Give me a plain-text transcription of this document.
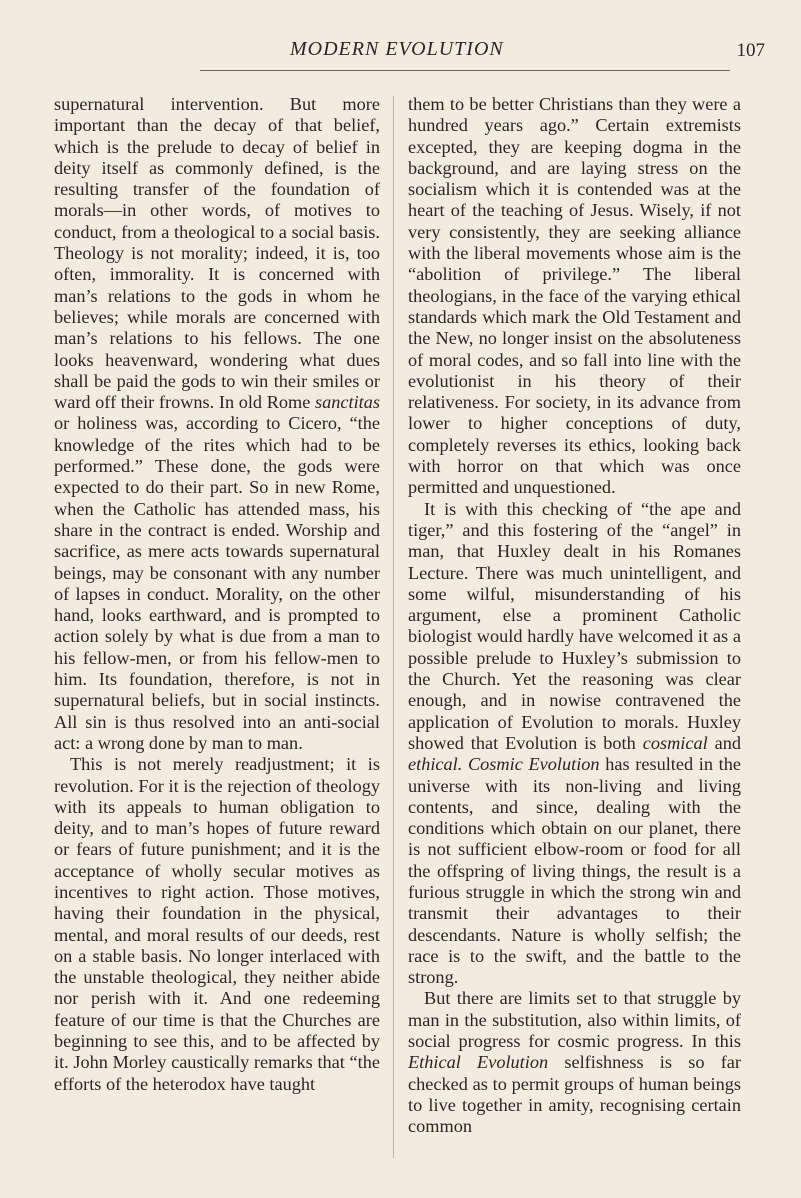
MODERN EVOLUTION	107

supernatural intervention. But more important than the decay of that belief, which is the prelude to decay of belief in deity itself as commonly defined, is the resulting transfer of the foundation of morals—in other words, of motives to conduct, from a theological to a social basis. Theology is not morality; indeed, it is, too often, immorality. It is concerned with man’s relations to the gods in whom he believes; while morals are concerned with man’s relations to his fellows. The one looks heavenward, wondering what dues shall be paid the gods to win their smiles or ward off their frowns. In old Rome sanctitas or holiness was, according to Cicero, “the knowledge of the rites which had to be performed.” These done, the gods were expected to do their part. So in new Rome, when the Catholic has attended mass, his share in the contract is ended. Worship and sacrifice, as mere acts towards supernatural beings, may be consonant with any number of lapses in conduct. Morality, on the other hand, looks earthward, and is prompted to action solely by what is due from a man to his fellow-men, or from his fellow-men to him. Its foundation, therefore, is not in supernatural beliefs, but in social instincts. All sin is thus resolved into an anti-social act: a wrong done by man to man.

This is not merely readjustment; it is revolution. For it is the rejection of theology with its appeals to human obligation to deity, and to man’s hopes of future reward or fears of future punishment; and it is the acceptance of wholly secular motives as incentives to right action. Those motives, having their foundation in the physical, mental, and moral results of our deeds, rest on a stable basis. No longer interlaced with the unstable theological, they neither abide nor perish with it. And one redeeming feature of our time is that the Churches are beginning to see this, and to be affected by it. John Morley caustically remarks that “the efforts of the heterodox have taught

them to be better Christians than they were a hundred years ago.” Certain extremists excepted, they are keeping dogma in the background, and are laying stress on the socialism which it is contended was at the heart of the teaching of Jesus. Wisely, if not very consistently, they are seeking alliance with the liberal movements whose aim is the “abolition of privilege.” The liberal theologians, in the face of the varying ethical standards which mark the Old Testament and the New, no longer insist on the absoluteness of moral codes, and so fall into line with the evolutionist in his theory of their relativeness. For society, in its advance from lower to higher conceptions of duty, completely reverses its ethics, looking back with horror on that which was once permitted and unquestioned.

It is with this checking of “the ape and tiger,” and this fostering of the “angel” in man, that Huxley dealt in his Romanes Lecture. There was much unintelligent, and some wilful, misunderstanding of his argument, else a prominent Catholic biologist would hardly have welcomed it as a possible prelude to Huxley’s submission to the Church. Yet the reasoning was clear enough, and in nowise contravened the application of Evolution to morals. Huxley showed that Evolution is both cosmical and ethical. Cosmic Evolution has resulted in the universe with its non-living and living contents, and since, dealing with the conditions which obtain on our planet, there is not sufficient elbow-room or food for all the offspring of living things, the result is a furious struggle in which the strong win and transmit their advantages to their descendants. Nature is wholly selfish; the race is to the swift, and the battle to the strong.

But there are limits set to that struggle by man in the substitution, also within limits, of social progress for cosmic progress. In this Ethical Evolution selfishness is so far checked as to permit groups of human beings to live together in amity, recognising certain common
